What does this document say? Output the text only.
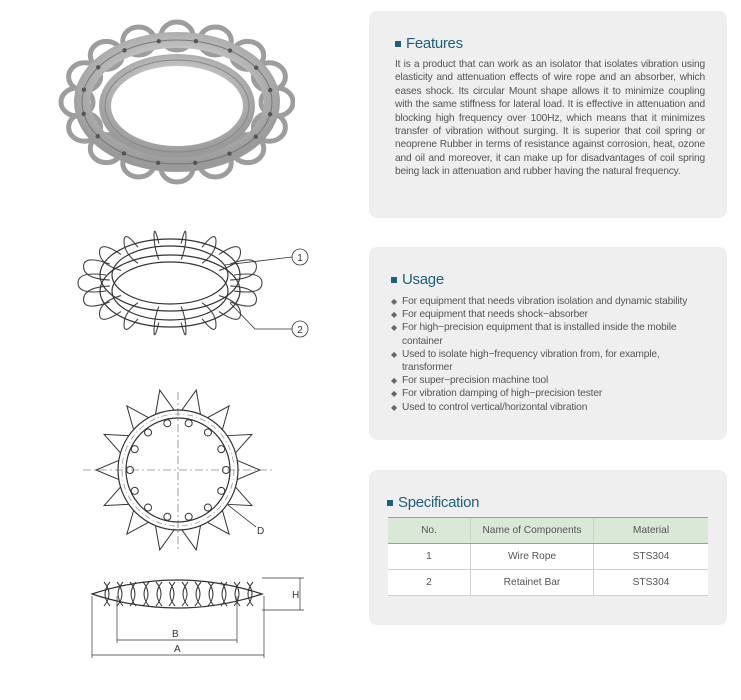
1
2
D
H
B
A
Features

It is a product that can work as an isolator that isolates vibration using elasticity and attenuation effects of wire rope and an absorber, which eases shock. Its circular Mount shape allows it to minimize coupling with the same stiffness for lateral load. It is effective in attenuation and blocking high frequency over 100Hz, which means that it minimizes transfer of vibration without surging. It is superior that coil spring or neoprene Rubber in terms of resistance against corrosion, heat, ozone and oil and moreover, it can make up for disadvantages of coil spring being lack in attenuation and rubber having the natural frequency.

Usage
◆ For equipment that needs vibration isolation and dynamic stability
◆ For equipment that needs shock−absorber
◆ For high−precision equipment that is installed inside the mobile container
◆ Used to isolate high−frequency vibration from, for example, transformer
◆ For super−precision machine tool
◆ For vibration damping of high−precision tester
◆ Used to control vertical/horizontal vibration
Specification
No.	Name of Components	Material
1	Wire Rope	STS304
2	Retainet Bar	STS304
